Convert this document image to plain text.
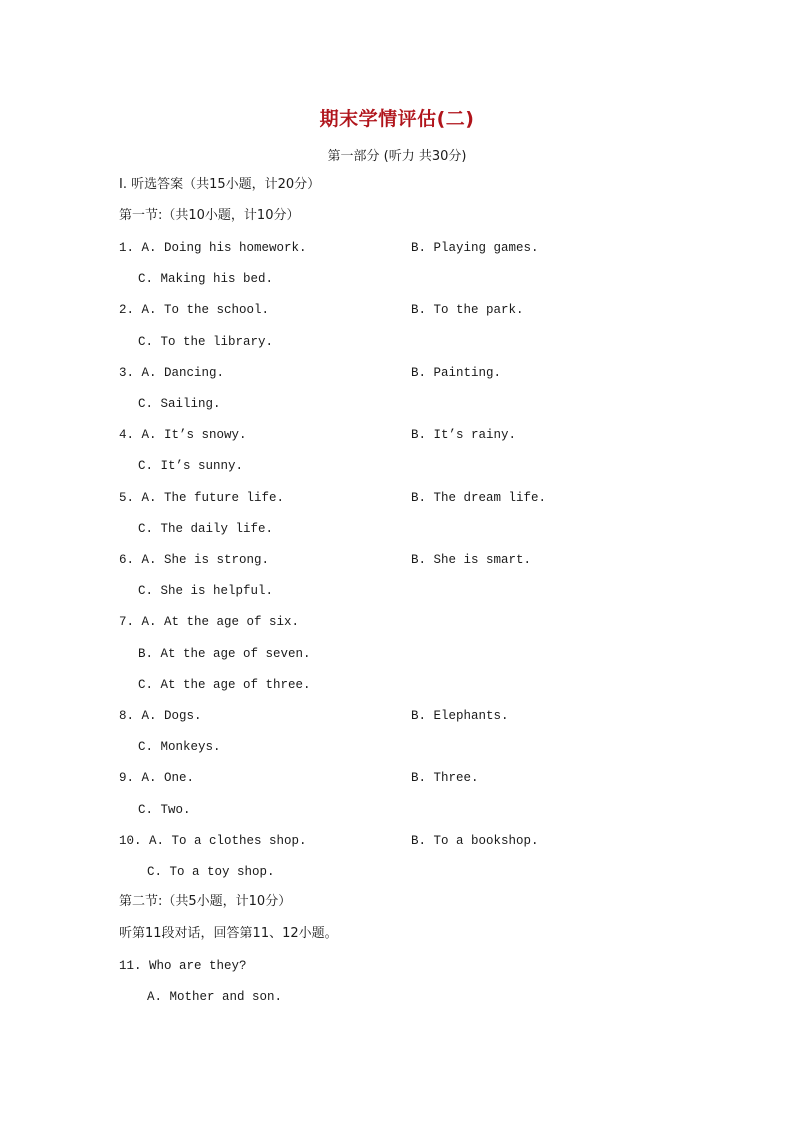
期末学情评估(二)
第一部分 (听力 共30分)
Ⅰ. 听选答案（共15小题，计20分）
第一节:（共10小题，计10分）
1. A. Doing his homework.	B. Playing games.
C. Making his bed.
2. A. To the school.	B. To the park.
C. To the library.
3. A. Dancing.	B. Painting.
C. Sailing.
4. A. It’s snowy.	B. It’s rainy.
C. It’s sunny.
5. A. The future life.	B. The dream life.
C. The daily life.
6. A. She is strong.	B. She is smart.
C. She is helpful.
7. A. At the age of six.
B. At the age of seven.
C. At the age of three.
8. A. Dogs.	B. Elephants.
C. Monkeys.
9. A. One.	B. Three.
C. Two.
10. A. To a clothes shop.	B. To a bookshop.
C. To a toy shop.
第二节:（共5小题，计10分）
听第11段对话，回答第11、12小题。
11. Who are they?
A. Mother and son.
